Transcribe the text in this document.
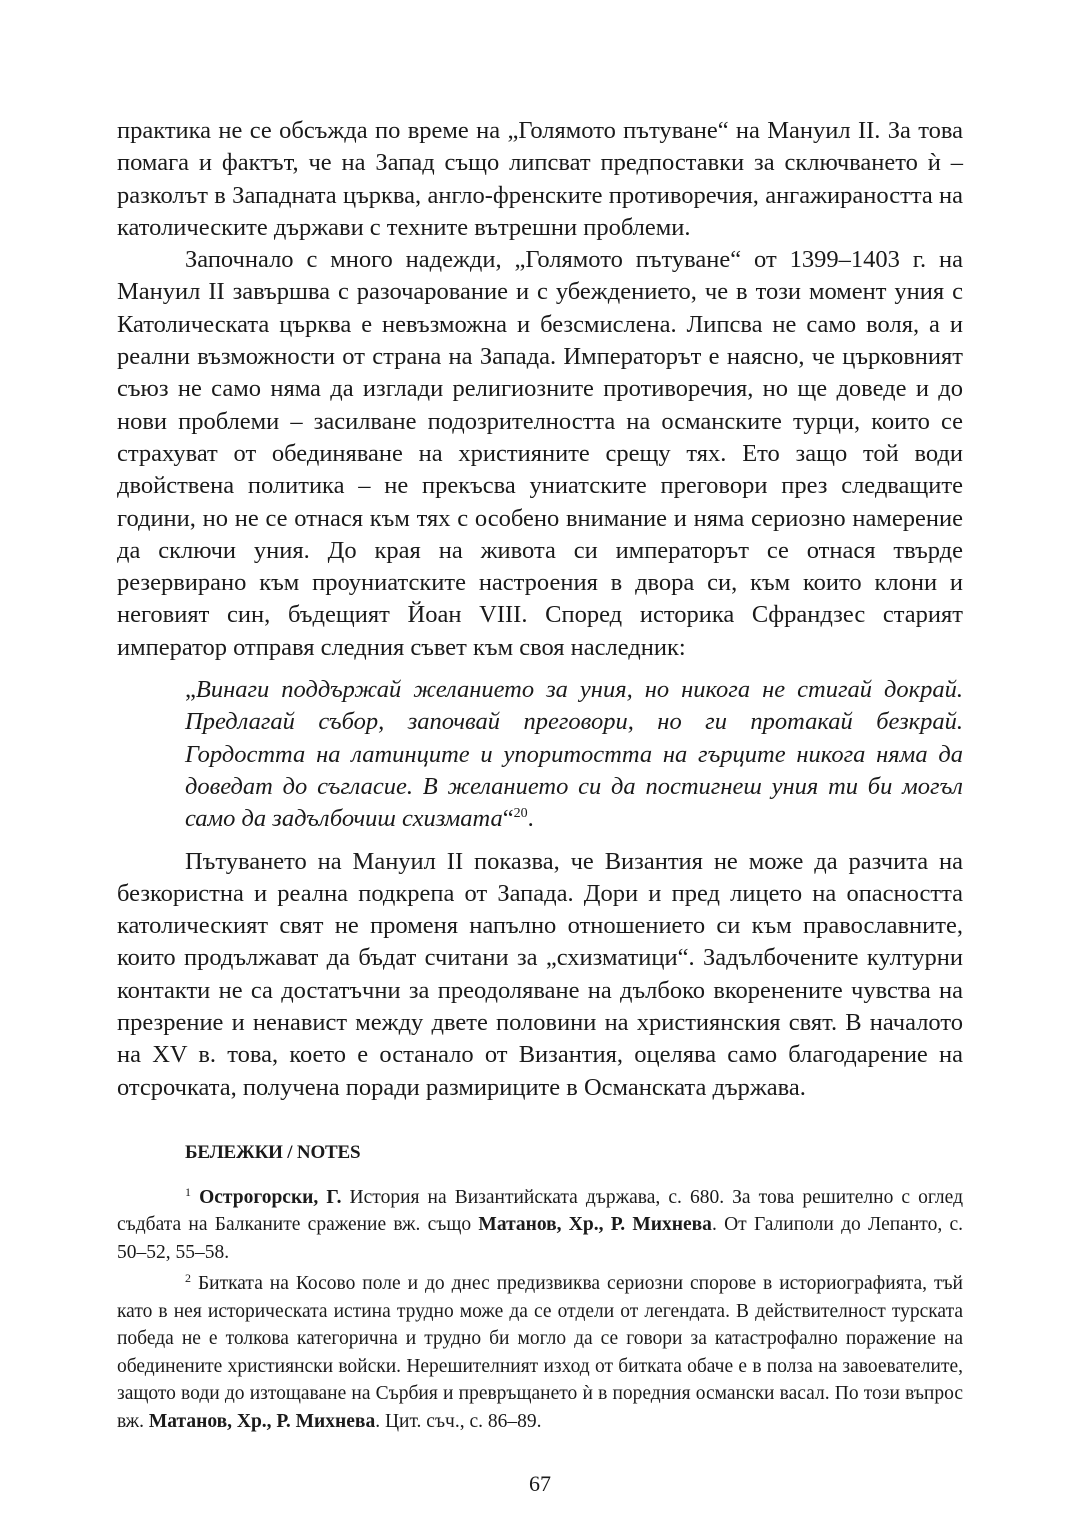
практика не се обсъжда по време на „Голямото пътуване“ на Мануил II. За това помага и фактът, че на Запад също липсват предпоставки за сключването ѝ – разколът в Западната църква, англо-френските противоречия, ангажираността на католическите държави с техните вътрешни проблеми.

Започнало с много надежди, „Голямото пътуване“ от 1399–1403 г. на Мануил II завършва с разочарование и с убеждението, че в този момент уния с Католическата църква е невъзможна и безсмислена. Липсва не само воля, а и реални възможности от страна на Запада. Императорът е наясно, че църковният съюз не само няма да изглади религиозните противоречия, но ще доведе и до нови проблеми – засилване подозрителността на османските турци, които се страхуват от обединяване на християните срещу тях. Ето защо той води двойствена политика – не прекъсва униатските преговори през следващите години, но не се отнася към тях с особено внимание и няма сериозно намерение да сключи уния. До края на живота си императорът се отнася твърде резервирано към проуниатските настроения в двора си, към които клони и неговият син, бъдещият Йоан VIII. Според историка Сфрандзес старият император отправя следния съвет към своя наследник:

„Винаги поддържай желанието за уния, но никога не стигай докрай. Предлагай събор, започвай преговори, но ги протакай безкрай. Гордостта на латинците и упоритостта на гърците никога няма да доведат до съгласие. В желанието си да постигнеш уния ти би могъл само да задълбочиш схизмата“$^{20}$.

Пътуването на Мануил II показва, че Византия не може да разчита на безкористна и реална подкрепа от Запада. Дори и пред лицето на опасността католическият свят не променя напълно отношението си към православните, които продължават да бъдат считани за „схизматици“. Задълбочените културни контакти не са достатъчни за преодоляване на дълбоко вкоренените чувства на презрение и ненавист между двете половини на християнския свят. В началото на XV в. това, което е останало от Византия, оцелява само благодарение на отсрочката, получена поради размириците в Османската държава.

БЕЛЕЖКИ / NOTES

$^1$ Острогорски, Г. История на Византийската държава, с. 680. За това решително с оглед съдбата на Балканите сражение вж. също Матанов, Хр., Р. Михнева. От Галиполи до Лепанто, с. 50–52, 55–58.

$^2$ Битката на Косово поле и до днес предизвиква сериозни спорове в историографията, тъй като в нея историческата истина трудно може да се отдели от легендата. В действителност турската победа не е толкова категорична и трудно би могло да се говори за катастрофално поражение на обединените християнски войски. Нерешителният изход от битката обаче е в полза на завоевателите, защото води до изтощаване на Сърбия и превръщането ѝ в поредния османски васал. По този въпрос вж. Матанов, Хр., Р. Михнева. Цит. съч., с. 86–89.

67
